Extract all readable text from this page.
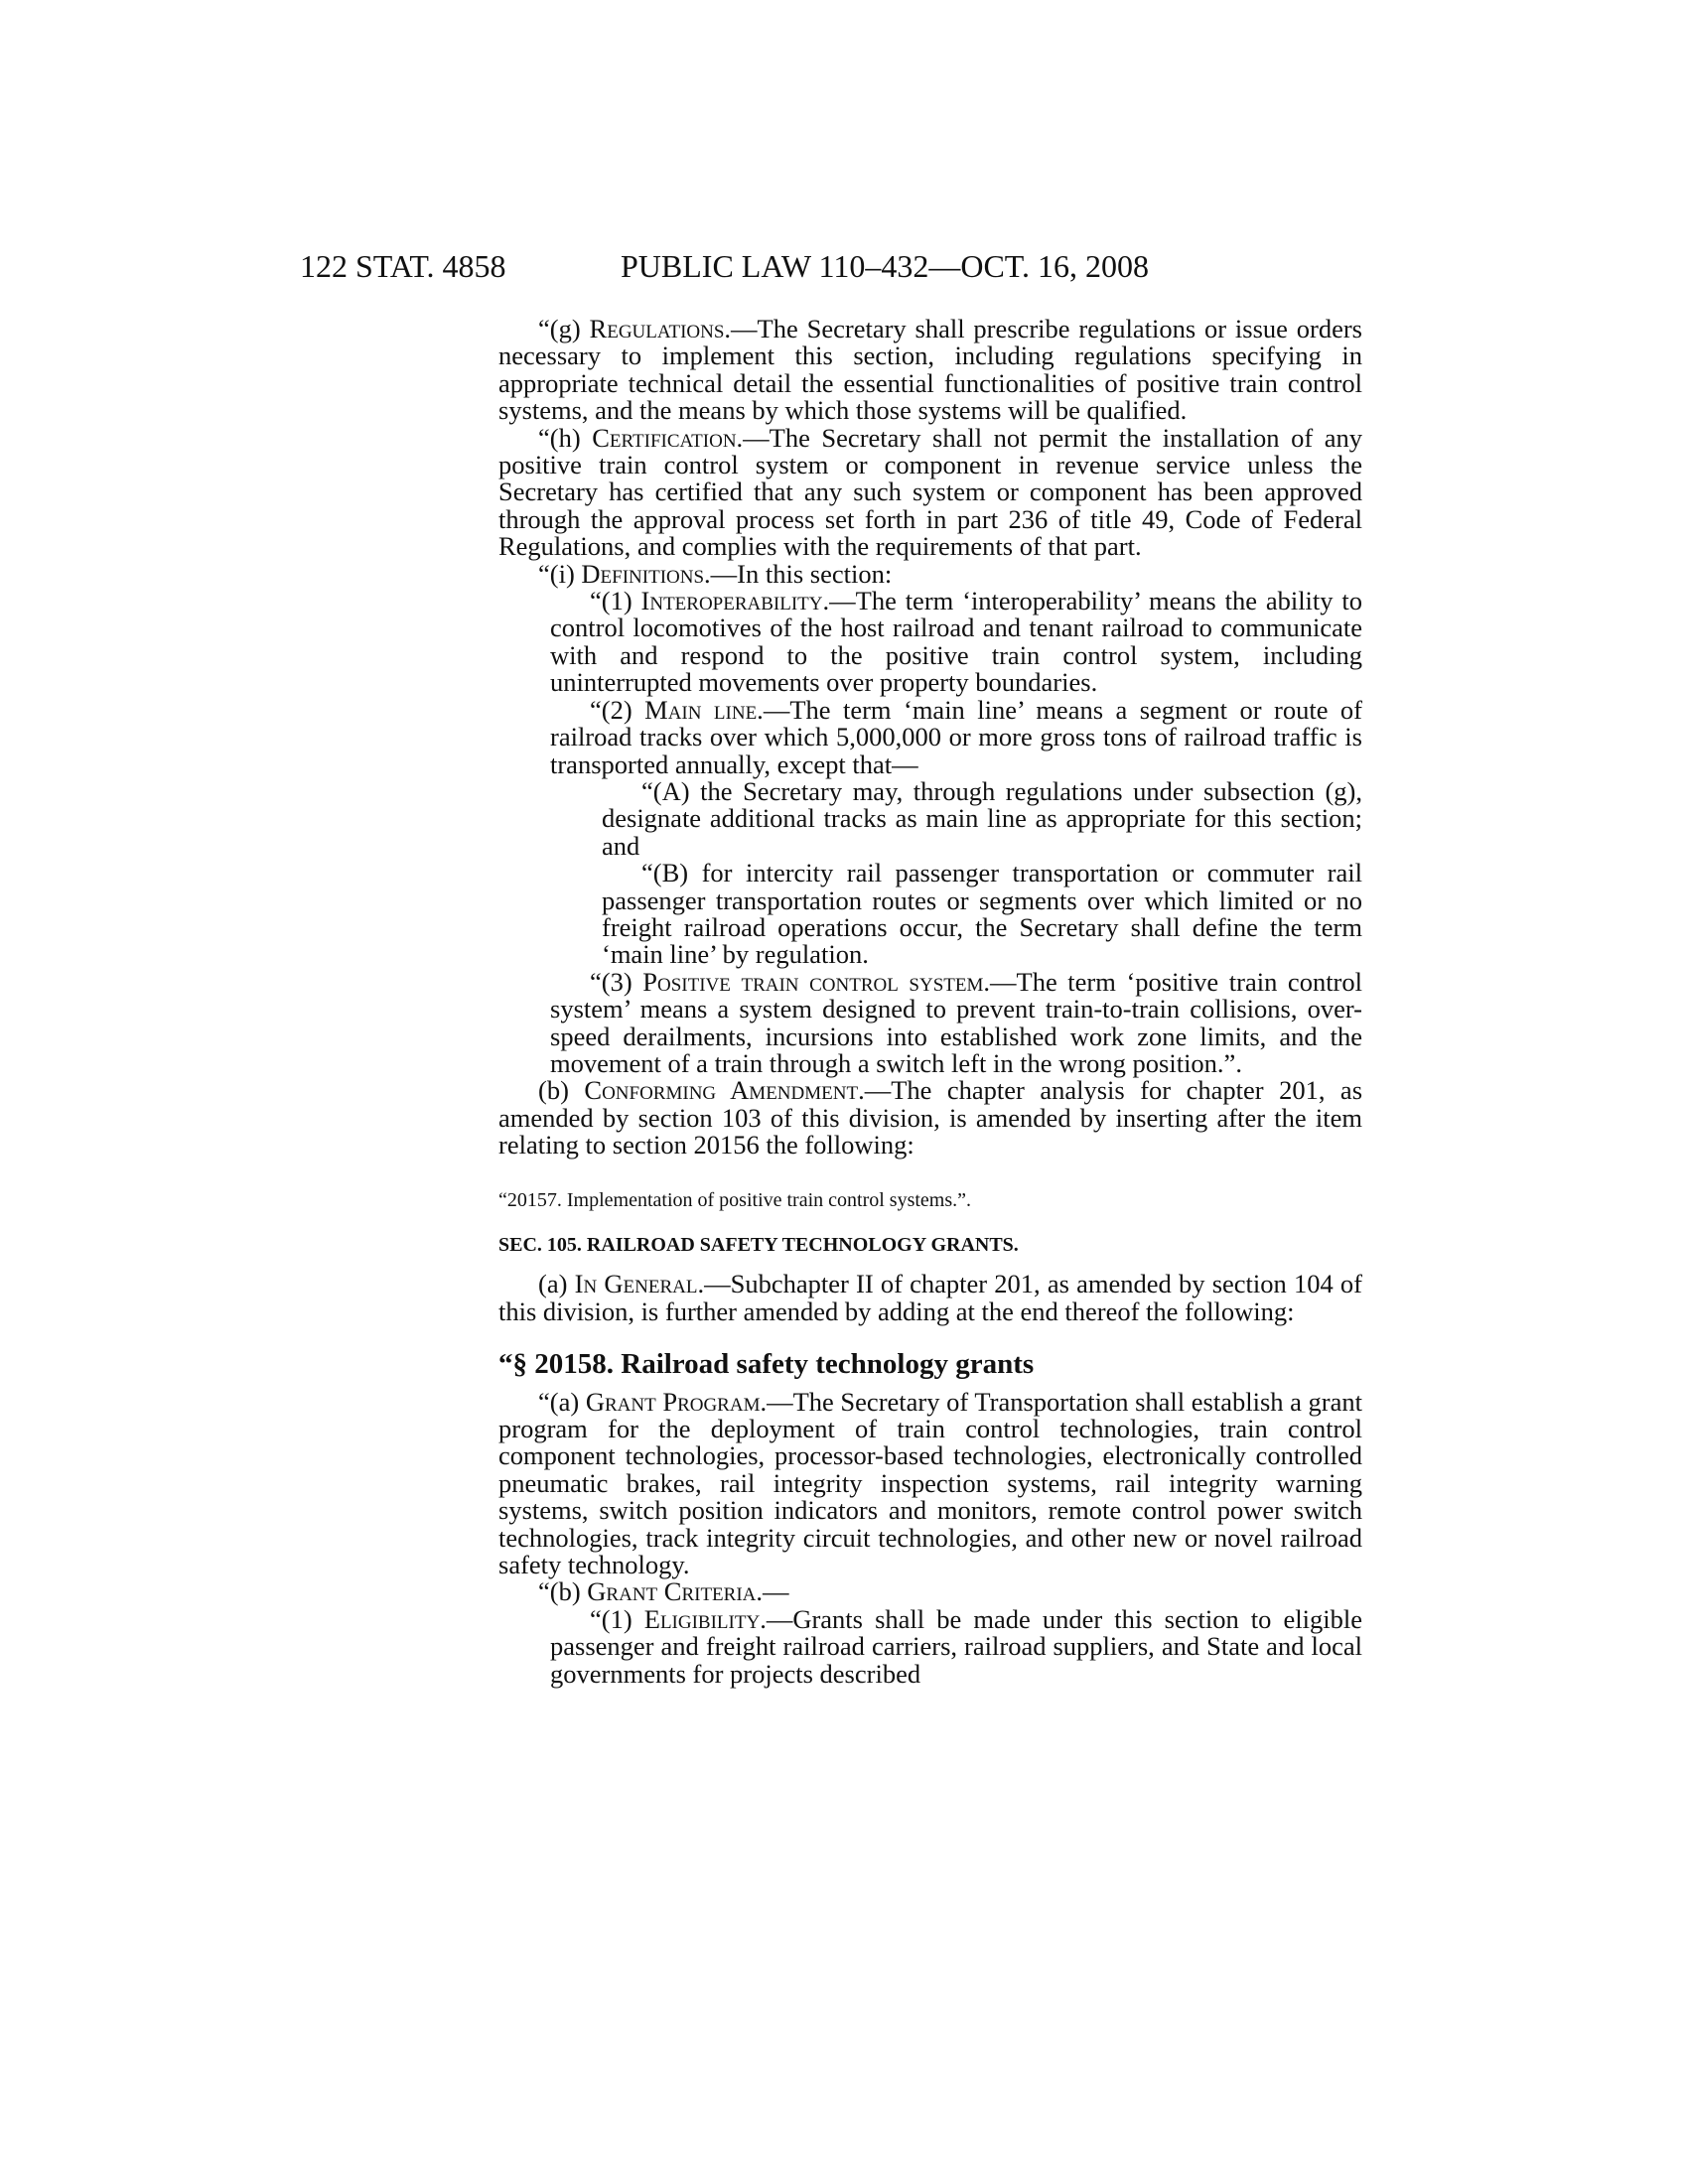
122 STAT. 4858	PUBLIC LAW 110–432—OCT. 16, 2008

“(g) Regulations.—The Secretary shall prescribe regulations or issue orders necessary to implement this section, including regulations specifying in appropriate technical detail the essential functionalities of positive train control systems, and the means by which those systems will be qualified.

“(h) Certification.—The Secretary shall not permit the installation of any positive train control system or component in revenue service unless the Secretary has certified that any such system or component has been approved through the approval process set forth in part 236 of title 49, Code of Federal Regulations, and complies with the requirements of that part.

“(i) Definitions.—In this section:

“(1) Interoperability.—The term ‘interoperability’ means the ability to control locomotives of the host railroad and tenant railroad to communicate with and respond to the positive train control system, including uninterrupted movements over property boundaries.

“(2) Main line.—The term ‘main line’ means a segment or route of railroad tracks over which 5,000,000 or more gross tons of railroad traffic is transported annually, except that—

“(A) the Secretary may, through regulations under subsection (g), designate additional tracks as main line as appropriate for this section; and

“(B) for intercity rail passenger transportation or commuter rail passenger transportation routes or segments over which limited or no freight railroad operations occur, the Secretary shall define the term ‘main line’ by regulation.

“(3) Positive train control system.—The term ‘positive train control system’ means a system designed to prevent train-to-train collisions, over-speed derailments, incursions into established work zone limits, and the movement of a train through a switch left in the wrong position.”.

(b) Conforming Amendment.—The chapter analysis for chapter 201, as amended by section 103 of this division, is amended by inserting after the item relating to section 20156 the following:

“20157. Implementation of positive train control systems.”.

SEC. 105. RAILROAD SAFETY TECHNOLOGY GRANTS.

(a) In General.—Subchapter II of chapter 201, as amended by section 104 of this division, is further amended by adding at the end thereof the following:

“§ 20158. Railroad safety technology grants

“(a) Grant Program.—The Secretary of Transportation shall establish a grant program for the deployment of train control technologies, train control component technologies, processor-based technologies, electronically controlled pneumatic brakes, rail integrity inspection systems, rail integrity warning systems, switch position indicators and monitors, remote control power switch technologies, track integrity circuit technologies, and other new or novel railroad safety technology.

“(b) Grant Criteria.—

“(1) Eligibility.—Grants shall be made under this section to eligible passenger and freight railroad carriers, railroad suppliers, and State and local governments for projects described
